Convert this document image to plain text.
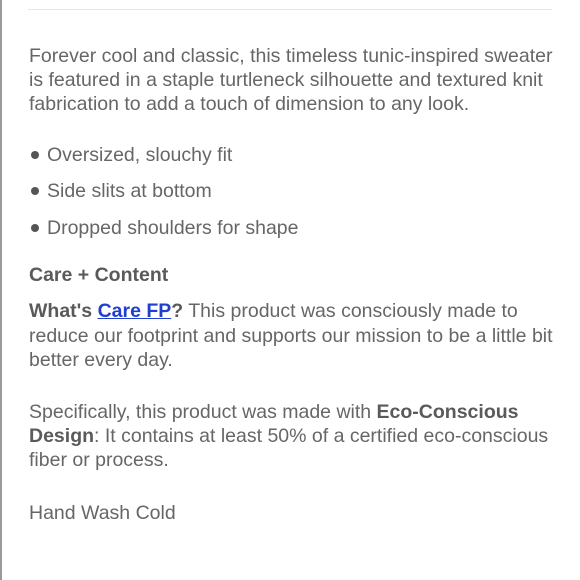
Forever cool and classic, this timeless tunic-inspired sweater is featured in a staple turtleneck silhouette and textured knit fabrication to add a touch of dimension to any look.

Oversized, slouchy fit
Side slits at bottom
Dropped shoulders for shape

Care + Content

What's Care FP? This product was consciously made to reduce our footprint and supports our mission to be a little bit better every day.

Specifically, this product was made with Eco-Conscious Design: It contains at least 50% of a certified eco-conscious fiber or process.

Hand Wash Cold
